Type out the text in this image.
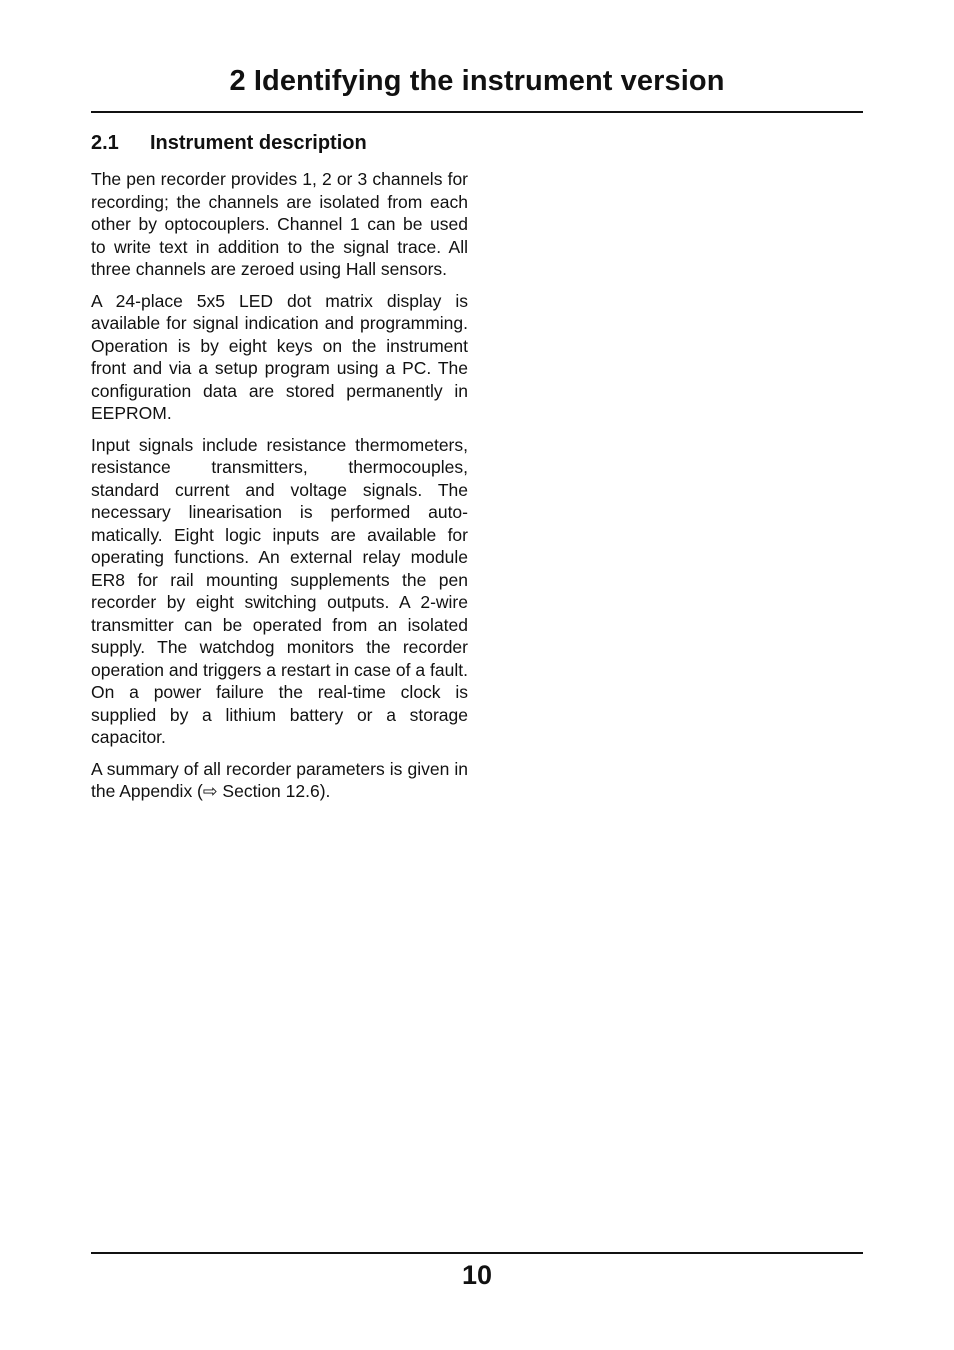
2 Identifying the instrument version
2.1 Instrument description

The pen recorder provides 1, 2 or 3 channels for recording; the channels are isolated from each other by optocouplers. Channel 1 can be used to write text in addition to the signal trace. All three channels are zeroed using Hall sensors.

A 24-place 5x5 LED dot matrix display is available for signal indication and programming. Operation is by eight keys on the instrument front and via a setup program using a PC. The configuration data are stored permanently in EEPROM.

Input signals include resistance thermometers, resistance transmitters, thermocouples, standard current and voltage signals. The necessary linearisation is performed automatically. Eight logic inputs are available for operating functions. An external relay module ER8 for rail mounting supplements the pen recorder by eight switching outputs. A 2-wire transmitter can be operated from an isolated supply. The watchdog monitors the recorder operation and triggers a restart in case of a fault. On a power failure the real-time clock is supplied by a lithium battery or a storage capacitor.

A summary of all recorder parameters is given in the Appendix (⇨ Section 12.6).

10
